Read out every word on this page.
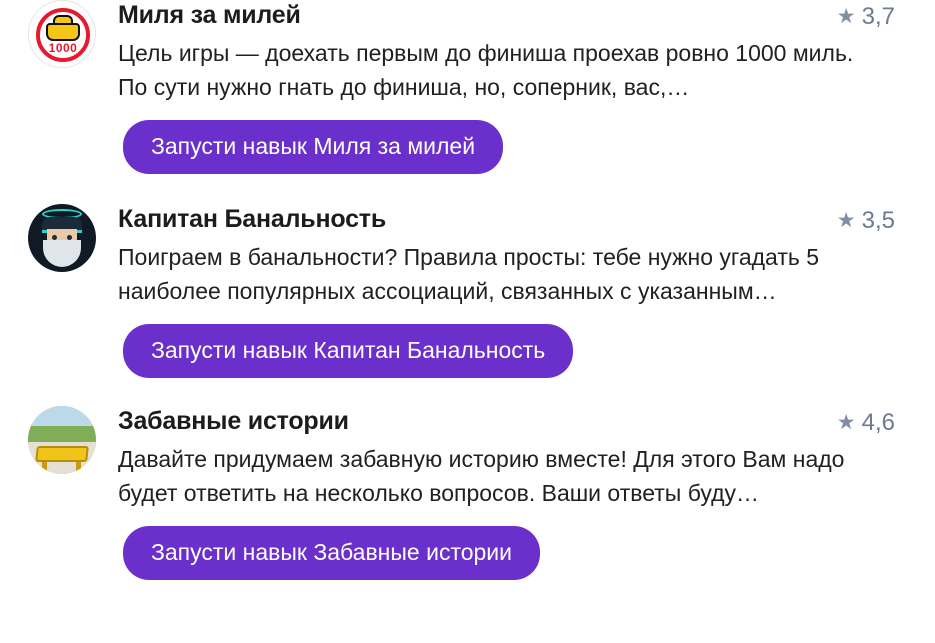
1000
Миля за милей	★ 3,7
Цель игры — доехать первым до финиша проехав ровно 1000 миль. По сути нужно гнать до финиша, но, соперник, вас,…
Запусти навык Миля за милей
Капитан Банальность	★ 3,5
Поиграем в банальности? Правила просты: тебе нужно угадать 5 наиболее популярных ассоциаций, связанных с указанным…
Запусти навык Капитан Банальность
Забавные истории	★ 4,6
Давайте придумаем забавную историю вместе! Для этого Вам надо будет ответить на несколько вопросов. Ваши ответы буду…
Запусти навык Забавные истории
